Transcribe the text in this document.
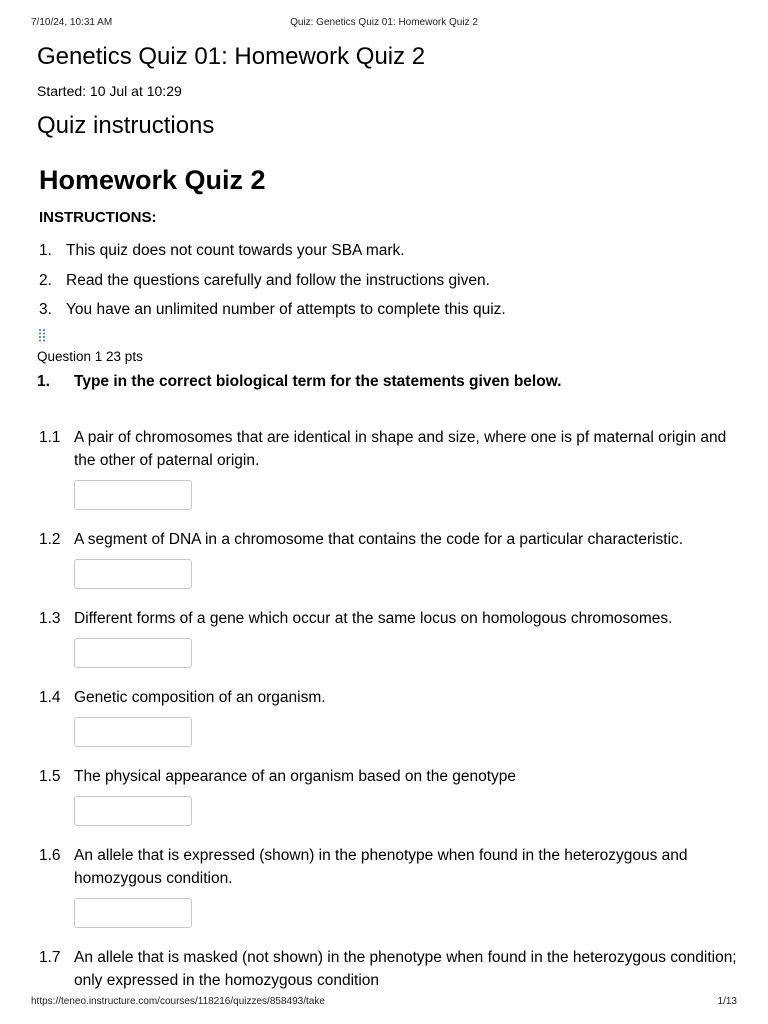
7/10/24, 10:31 AM	Quiz: Genetics Quiz 01: Homework Quiz 2
Genetics Quiz 01: Homework Quiz 2
Started: 10 Jul at 10:29
Quiz instructions
Homework Quiz 2
INSTRUCTIONS:
1. This quiz does not count towards your SBA mark.
2. Read the questions carefully and follow the instructions given.
3. You have an unlimited number of attempts to complete this quiz.
Question 1 23 pts
1. Type in the correct biological term for the statements given below.
1.1 A pair of chromosomes that are identical in shape and size, where one is pf maternal origin and the other of paternal origin.
1.2 A segment of DNA in a chromosome that contains the code for a particular characteristic.
1.3 Different forms of a gene which occur at the same locus on homologous chromosomes.
1.4 Genetic composition of an organism.
1.5 The physical appearance of an organism based on the genotype
1.6 An allele that is expressed (shown) in the phenotype when found in the heterozygous and homozygous condition.
1.7 An allele that is masked (not shown) in the phenotype when found in the heterozygous condition; only expressed in the homozygous condition
https://teneo.instructure.com/courses/118216/quizzes/858493/take	1/13
